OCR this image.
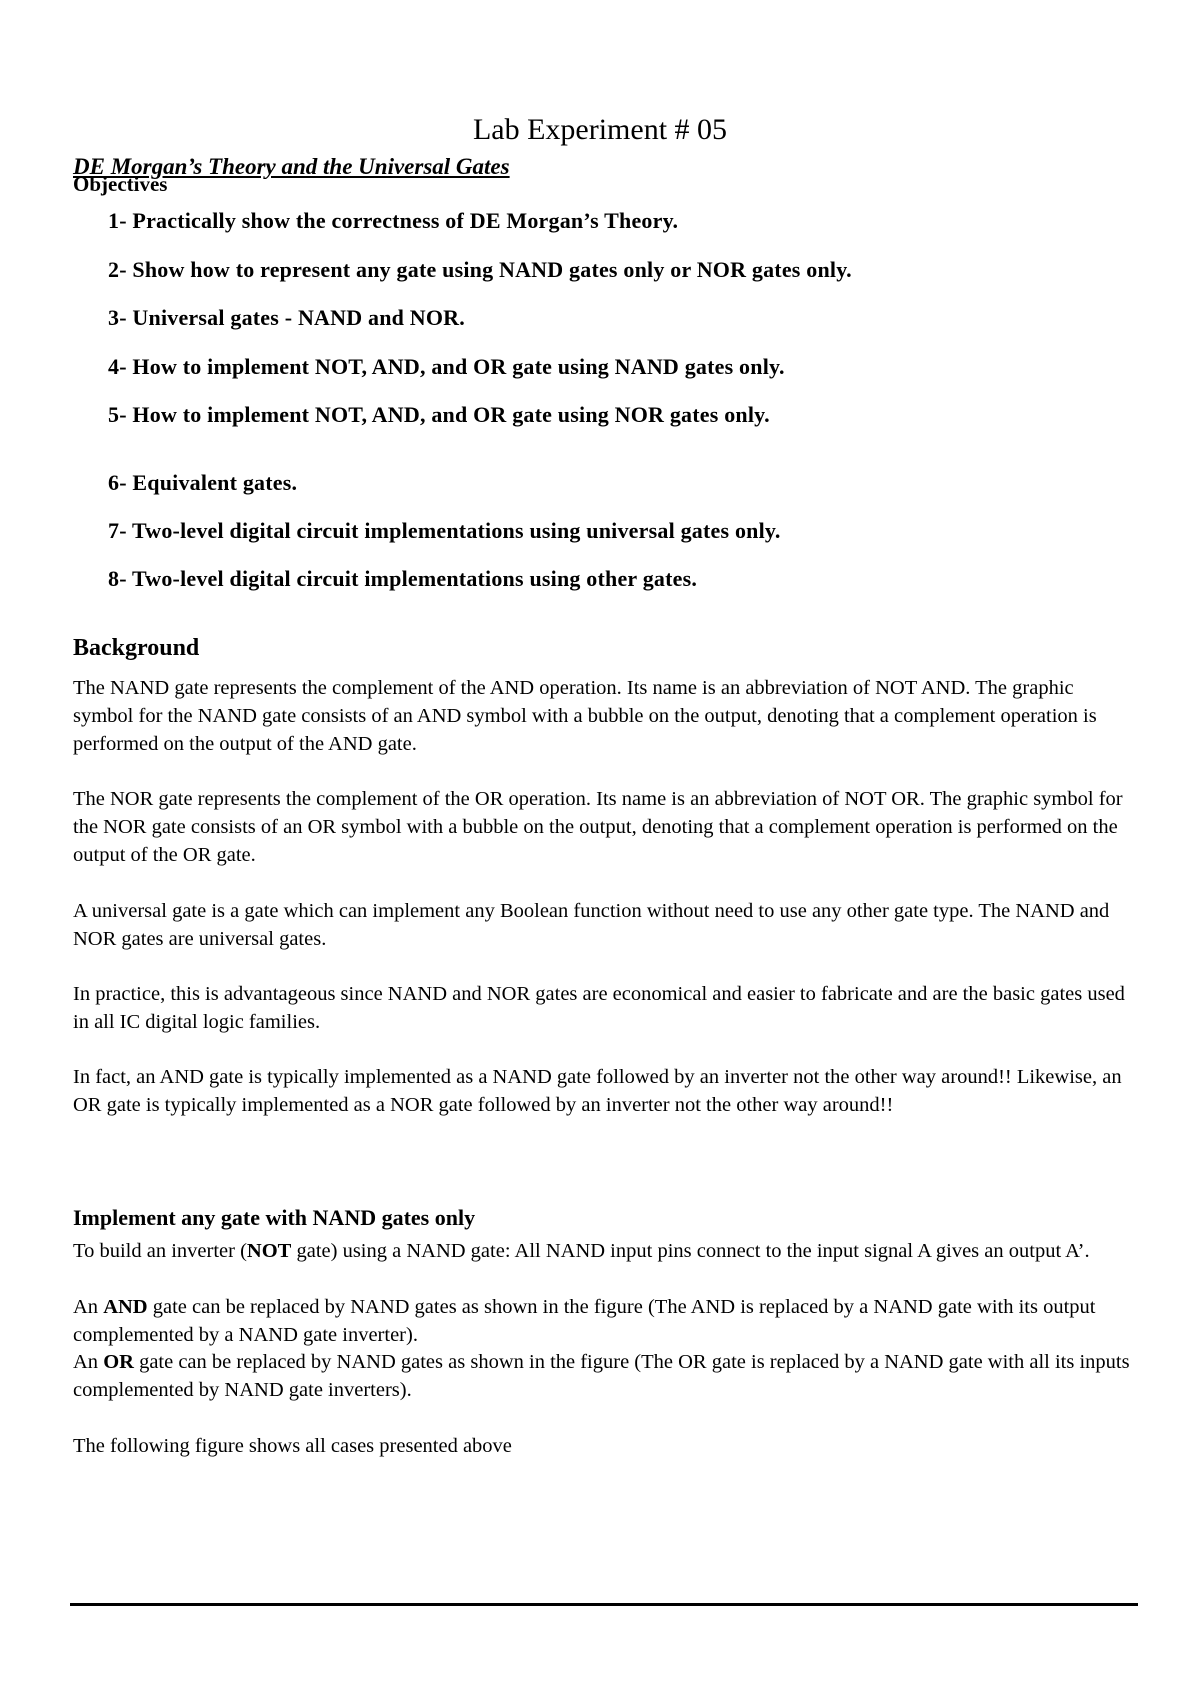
Lab Experiment # 05

DE Morgan’s Theory and the Universal Gates

Objectives

1- Practically show the correctness of DE Morgan’s Theory.
2- Show how to represent any gate using NAND gates only or NOR gates only.
3- Universal gates - NAND and NOR.
4- How to implement NOT, AND, and OR gate using NAND gates only.
5- How to implement NOT, AND, and OR gate using NOR gates only.
6- Equivalent gates.
7- Two-level digital circuit implementations using universal gates only.
8- Two-level digital circuit implementations using other gates.

Background

The NAND gate represents the complement of the AND operation. Its name is an abbreviation of NOT AND. The graphic symbol for the NAND gate consists of an AND symbol with a bubble on the output, denoting that a complement operation is performed on the output of the AND gate.

The NOR gate represents the complement of the OR operation. Its name is an abbreviation of NOT OR. The graphic symbol for the NOR gate consists of an OR symbol with a bubble on the output, denoting that a complement operation is performed on the output of the OR gate.

A universal gate is a gate which can implement any Boolean function without need to use any other gate type. The NAND and NOR gates are universal gates.

In practice, this is advantageous since NAND and NOR gates are economical and easier to fabricate and are the basic gates used in all IC digital logic families.

In fact, an AND gate is typically implemented as a NAND gate followed by an inverter not the other way around!! Likewise, an OR gate is typically implemented as a NOR gate followed by an inverter not the other way around!!

Implement any gate with NAND gates only

To build an inverter (NOT gate) using a NAND gate: All NAND input pins connect to the input signal A gives an output A’.

An AND gate can be replaced by NAND gates as shown in the figure (The AND is replaced by a NAND gate with its output complemented by a NAND gate inverter).

An OR gate can be replaced by NAND gates as shown in the figure (The OR gate is replaced by a NAND gate with all its inputs complemented by NAND gate inverters).

The following figure shows all cases presented above
